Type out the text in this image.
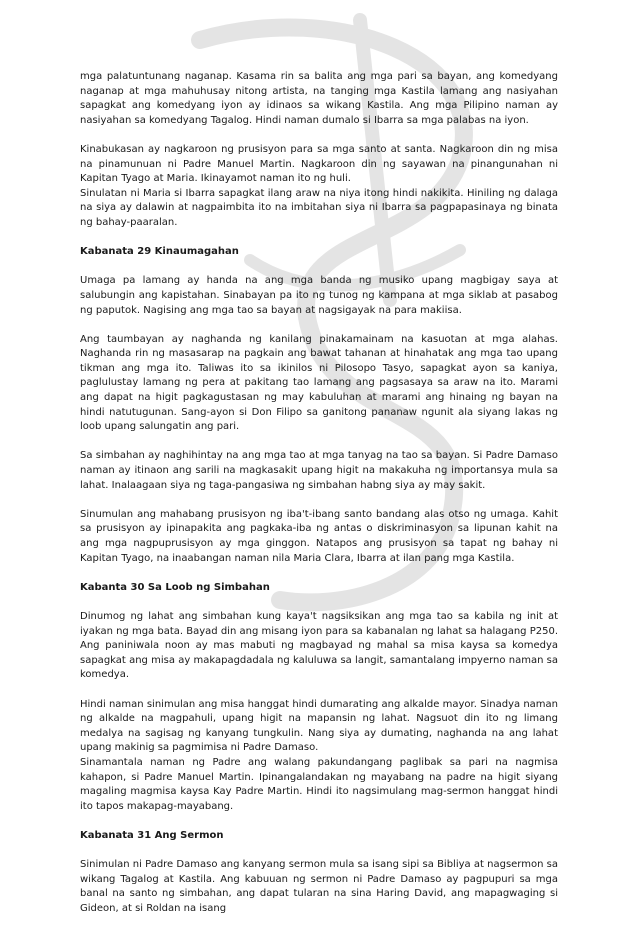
mga palatuntunang naganap. Kasama rin sa balita ang mga pari sa bayan, ang komedyang naganap at mga mahuhusay nitong artista, na tanging mga Kastila lamang ang nasiyahan sapagkat ang komedyang iyon ay idinaos sa wikang Kastila. Ang mga Pilipino naman ay nasiyahan sa komedyang Tagalog. Hindi naman dumalo si Ibarra sa mga palabas na iyon.

Kinabukasan ay nagkaroon ng prusisyon para sa mga santo at santa. Nagkaroon din ng misa na pinamunuan ni Padre Manuel Martin. Nagkaroon din ng sayawan na pinangunahan ni Kapitan Tyago at Maria. Ikinayamot naman ito ng huli.

Sinulatan ni Maria si Ibarra sapagkat ilang araw na niya itong hindi nakikita. Hiniling ng dalaga na siya ay dalawin at nagpaimbita ito na imbitahan siya ni Ibarra sa pagpapasinaya ng binata ng bahay-paaralan.

Kabanata 29 Kinaumagahan

Umaga pa lamang ay handa na ang mga banda ng musiko upang magbigay saya at salubungin ang kapistahan. Sinabayan pa ito ng tunog ng kampana at mga siklab at pasabog ng paputok. Nagising ang mga tao sa bayan at nagsigayak na para makiisa.

Ang taumbayan ay naghanda ng kanilang pinakamainam na kasuotan at mga alahas. Naghanda rin ng masasarap na pagkain ang bawat tahanan at hinahatak ang mga tao upang tikman ang mga ito. Taliwas ito sa ikinilos ni Pilosopo Tasyo, sapagkat ayon sa kaniya, paglulustay lamang ng pera at pakitang tao lamang ang pagsasaya sa araw na ito. Marami ang dapat na higit pagkagustasan ng may kabuluhan at marami ang hinaing ng bayan na hindi natutugunan. Sang-ayon si Don Filipo sa ganitong pananaw ngunit ala siyang lakas ng loob upang salungatin ang pari.

Sa simbahan ay naghihintay na ang mga tao at mga tanyag na tao sa bayan. Si Padre Damaso naman ay itinaon ang sarili na magkasakit upang higit na makakuha ng importansya mula sa lahat. Inalaagaan siya ng taga-pangasiwa ng simbahan habng siya ay may sakit.

Sinumulan ang mahabang prusisyon ng iba't-ibang santo bandang alas otso ng umaga. Kahit sa prusisyon ay ipinapakita ang pagkaka-iba ng antas o diskriminasyon sa lipunan kahit na ang mga nagpuprusisyon ay mga ginggon. Natapos ang prusisyon sa tapat ng bahay ni Kapitan Tyago, na inaabangan naman nila Maria Clara, Ibarra at ilan pang mga Kastila.

Kabanta 30 Sa Loob ng Simbahan

Dinumog ng lahat ang simbahan kung kaya't nagsiksikan ang mga tao sa kabila ng init at iyakan ng mga bata. Bayad din ang misang iyon para sa kabanalan ng lahat sa halagang P250. Ang paniniwala noon ay mas mabuti ng magbayad ng mahal sa misa kaysa sa komedya sapagkat ang misa ay makapagdadala ng kaluluwa sa langit, samantalang impyerno naman sa komedya.

Hindi naman sinimulan ang misa hanggat hindi dumarating ang alkalde mayor. Sinadya naman ng alkalde na magpahuli, upang higit na mapansin ng lahat. Nagsuot din ito ng limang medalya na sagisag ng kanyang tungkulin. Nang siya ay dumating, naghanda na ang lahat upang makinig sa pagmimisa ni Padre Damaso.

Sinamantala naman ng Padre ang walang pakundangang paglibak sa pari na nagmisa kahapon, si Padre Manuel Martin. Ipinangalandakan ng mayabang na padre na higit siyang magaling magmisa kaysa Kay Padre Martin. Hindi ito nagsimulang mag-sermon hanggat hindi ito tapos makapag-mayabang.

Kabanata 31 Ang Sermon

Sinimulan ni Padre Damaso ang kanyang sermon mula sa isang sipi sa Bibliya at nagsermon sa wikang Tagalog at Kastila. Ang kabuuan ng sermon ni Padre Damaso ay pagpupuri sa mga banal na santo ng simbahan, ang dapat tularan na sina Haring David, ang mapagwaging si Gideon, at si Roldan na isang
